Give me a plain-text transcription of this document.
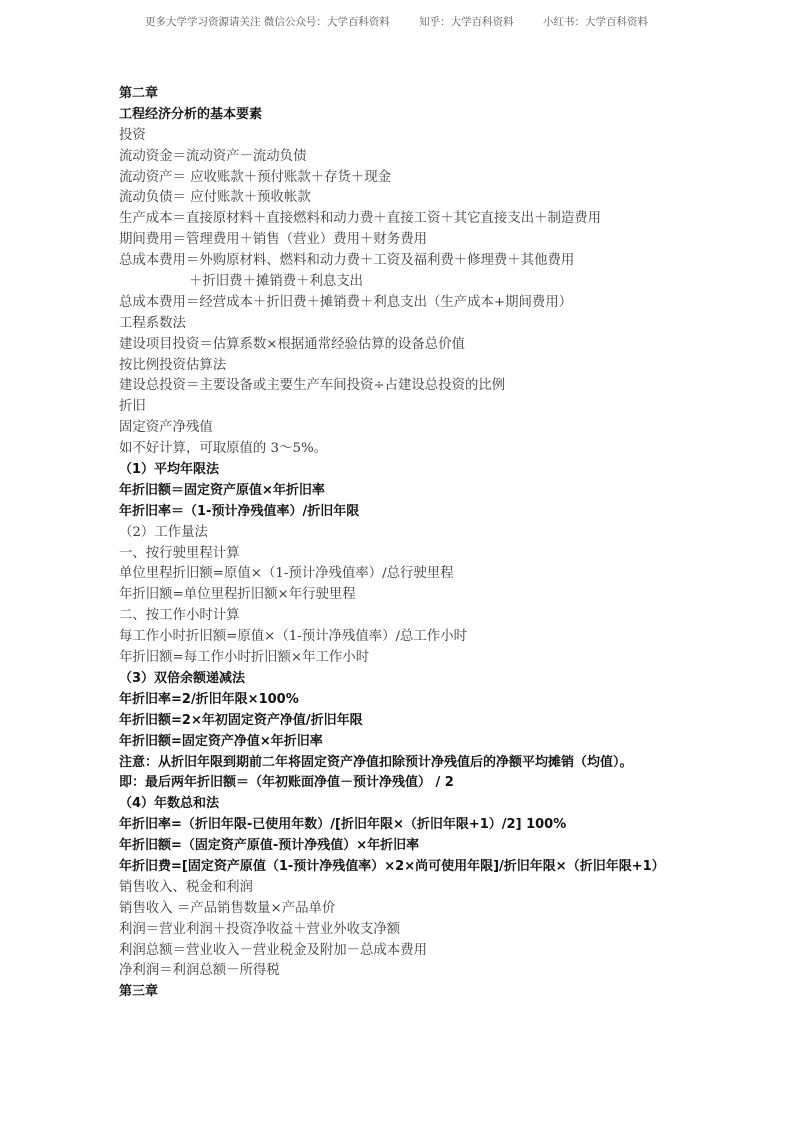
更多大学学习资源请关注 微信公众号：大学百科资料	知乎：大学百科资料	小红书：大学百科资料
第二章
工程经济分析的基本要素
投资
流动资金＝流动资产－流动负债
流动资产＝ 应收账款＋预付账款＋存货＋现金
流动负债＝ 应付账款＋预收帐款
生产成本＝直接原材料＋直接燃料和动力费＋直接工资＋其它直接支出＋制造费用
期间费用＝管理费用＋销售（营业）费用＋财务费用
总成本费用＝外购原材料、燃料和动力费＋工资及福利费＋修理费＋其他费用
＋折旧费＋摊销费＋利息支出
总成本费用＝经营成本＋折旧费＋摊销费＋利息支出（生产成本+期间费用）
工程系数法
建设项目投资＝估算系数×根据通常经验估算的设备总价值
按比例投资估算法
建设总投资＝主要设备或主要生产车间投资÷占建设总投资的比例
折旧
固定资产净残值
如不好计算，可取原值的 3～5%。
（1）平均年限法
年折旧额＝固定资产原值×年折旧率
年折旧率＝（1-预计净残值率）/折旧年限
（2）工作量法
一、按行驶里程计算
单位里程折旧额=原值×（1-预计净残值率）/总行驶里程
年折旧额=单位里程折旧额×年行驶里程
二、按工作小时计算
每工作小时折旧额=原值×（1-预计净残值率）/总工作小时
年折旧额=每工作小时折旧额×年工作小时
（3）双倍余额递减法
年折旧率=2/折旧年限×100%
年折旧额=2×年初固定资产净值/折旧年限
年折旧额=固定资产净值×年折旧率
注意：从折旧年限到期前二年将固定资产净值扣除预计净残值后的净额平均摊销（均值）。
即：最后两年折旧额＝（年初账面净值－预计净残值） / 2
（4）年数总和法
年折旧率=（折旧年限-已使用年数）/[折旧年限×（折旧年限+1）/2] 100%
年折旧额=（固定资产原值-预计净残值）×年折旧率
年折旧费=[固定资产原值（1-预计净残值率）×2×尚可使用年限]/折旧年限×（折旧年限+1）
销售收入、税金和利润
销售收入 ＝产品销售数量×产品单价
利润＝营业利润＋投资净收益＋营业外收支净额
利润总额＝营业收入－营业税金及附加－总成本费用
净利润＝利润总额－所得税
第三章
